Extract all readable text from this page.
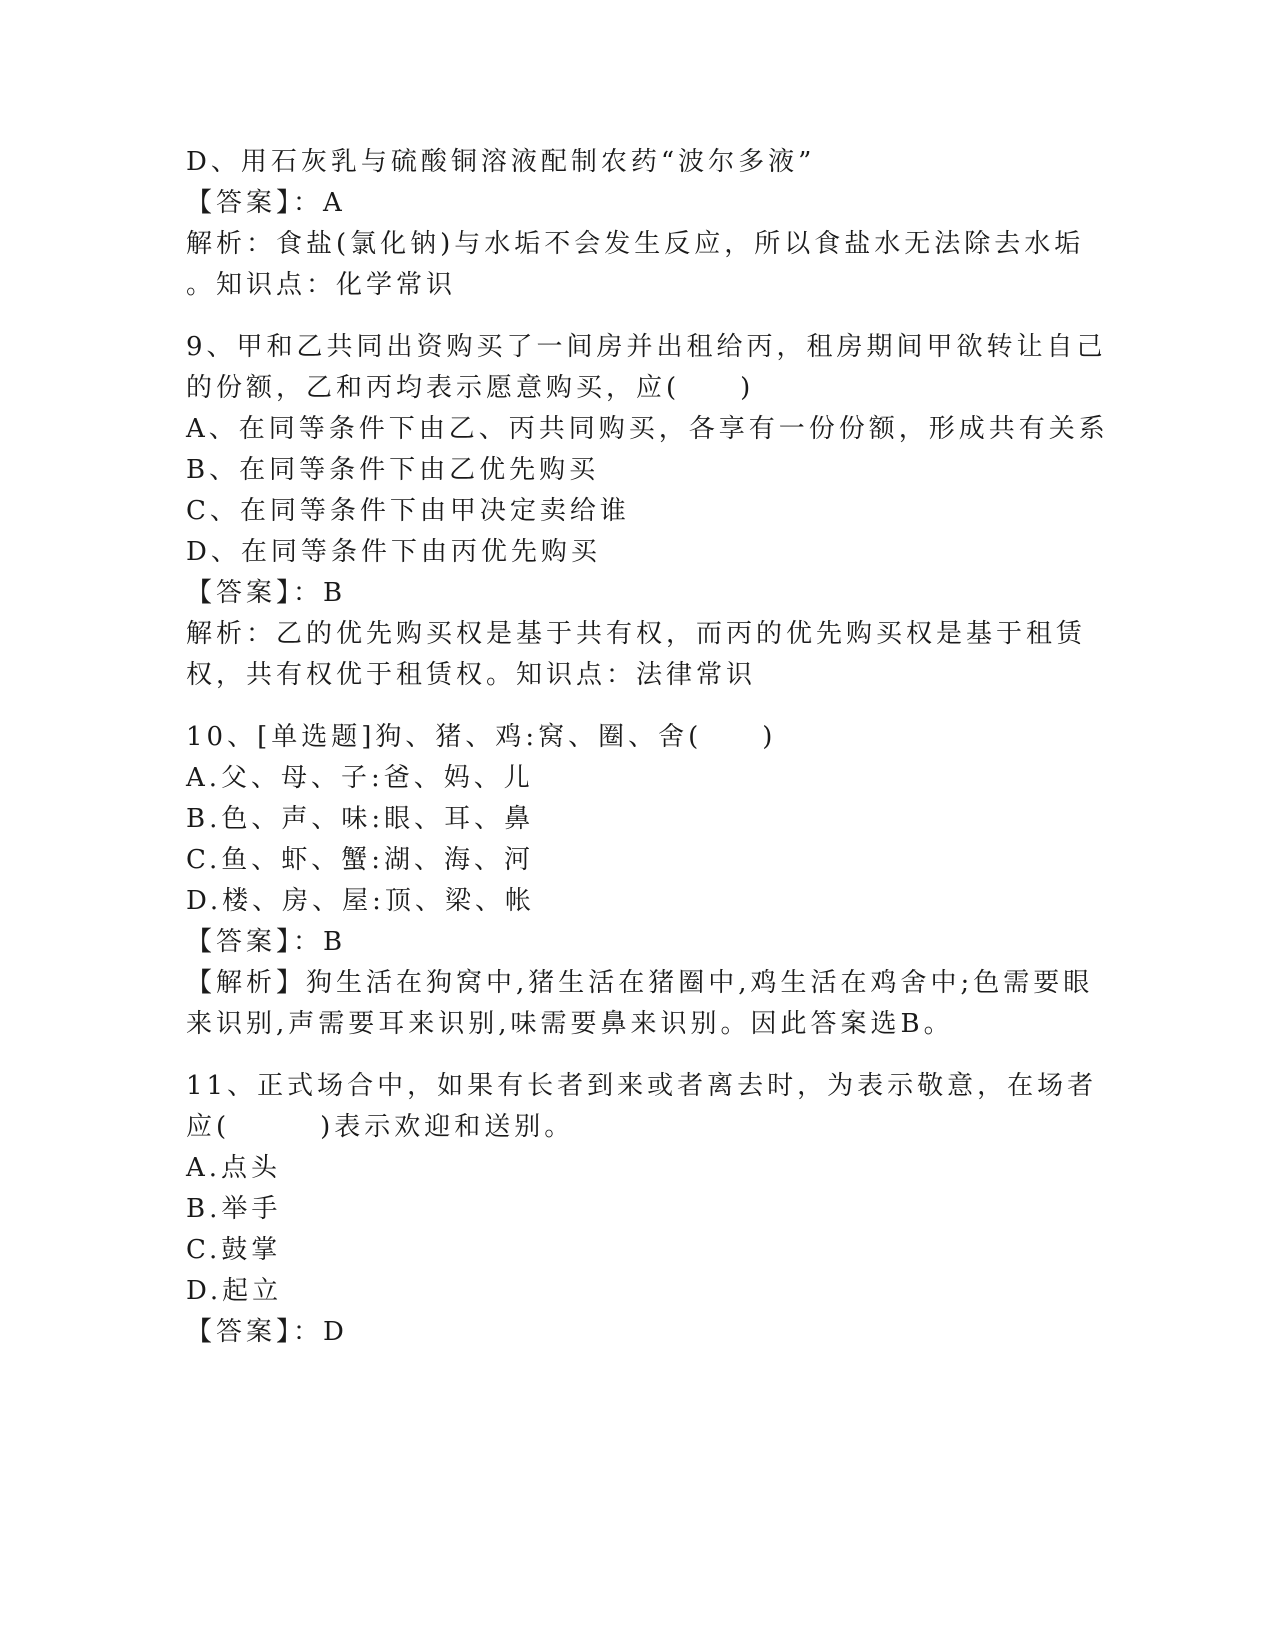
D、用石灰乳与硫酸铜溶液配制农药“波尔多液”
【答案】：A
解析：食盐(氯化钠)与水垢不会发生反应，所以食盐水无法除去水垢
。知识点：化学常识
9、甲和乙共同出资购买了一间房并出租给丙，租房期间甲欲转让自己
的份额，乙和丙均表示愿意购买，应(　　)
A、在同等条件下由乙、丙共同购买，各享有一份份额，形成共有关系
B、在同等条件下由乙优先购买
C、在同等条件下由甲决定卖给谁
D、在同等条件下由丙优先购买
【答案】：B
解析：乙的优先购买权是基于共有权，而丙的优先购买权是基于租赁
权，共有权优于租赁权。知识点：法律常识
10、[单选题]狗、猪、鸡:窝、圈、舍(　　)
A.父、母、子:爸、妈、儿
B.色、声、味:眼、耳、鼻
C.鱼、虾、蟹:湖、海、河
D.楼、房、屋:顶、梁、帐
【答案】：B
【解析】狗生活在狗窝中,猪生活在猪圈中,鸡生活在鸡舍中;色需要眼
来识别,声需要耳来识别,味需要鼻来识别。因此答案选B。
11、正式场合中，如果有长者到来或者离去时，为表示敬意，在场者
应(　　　)表示欢迎和送别。
A.点头
B.举手
C.鼓掌
D.起立
【答案】：D
